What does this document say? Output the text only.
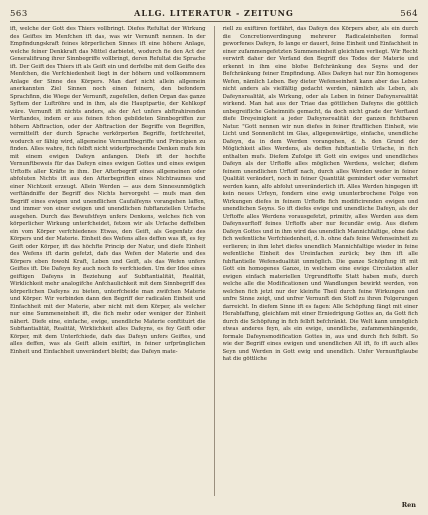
563	ALLG. LITERATUR - ZEITUNG	564
ift, welche der Gott des Thiers vollbringt. Diefes Refultat der Wirkung des Geiftes im Menfchen ift das, was wir Vernunft nennen. In der Empfindungskraft feines körperlichen Sinnes ift eine höhere Anlage, welche feiner Denkkraft das Mittel darbietet, wodurch fie den Act der Generalifirung ihrer Sinnbegriffe vollbringt, deren Refultat die Sprache ift. Der Geift des Thiers ift als Geift ein und derfelbe mit dem Geifte des Menfchen, die Verfchiedenheit liegt in der höhern und vollkommnern Anlage der Sinne des Körpers. Man darf nicht allein allgemein anerkannten Ziel Sinnen noch einen feinern, den befondern Sprachfinn, die Wiege der Vernunft, zugefellen, defien Organ das ganze Syftem der Luftröhre und in ihm, als die Hauptpartie, der Kehlkopf wäre. Vernunft ift nichts anders, als der Act unfers abftrahirenden Verftandes, indem er aus feinen fchon gebildeten Sinnbegriffen zur höhern Abftraction, oder der Abftraction der Begriffe von Begriffen, vermittelft der durch Sprache verkörperten Begriffe, fortfchreitet, wodurch er fähig wird, allgemeine Vernunftbegriffe und Principien zu finden. Alles wahre, fich felbft nicht widerfprechende Denken mufs fein mit einem ewigen Dafeyn anfangen. Diefs ift der hochfte Vernunftbeweis für das Dafeyn eines ewigen Gottes und eines ewigen Urftoffs aller Kräfte in ihm. Der Afterbegriff eines allgemeinen oder abfoluten Nichts ift aus den Afterbegriffen eines Nichtraumes und einer Nichtzeit erzeugt. Allein Werden — aus dem Sinnesunmöglich verftändniffe der Begriff des Nichts hervorgeht — mufs man den Begriff eines ewigen und unendlichen Caufalfeyns vorangehen laffen, und immer von einer ewigen und unendlichen fubftanziellen Urfache ausgehen. Durch das Bewufstfeyn unfers Denkens, welches fich von körperlicher Wirkung unterfcheidet, fetzen wir als Urfache deffelben ein vom Körper verfchiedenes Etwas, den Geift, als Gegenfatz des Körpers und der Materie. Einheit des Wefens alles deffen was ift, es fey Geift oder Körper, ift das höchfte Princip der Natur, und diefe Einheit des Wefens ift darin gefetzt, dafs das Wefen der Materie und des Körpers eben fowohl Kraft, Leben und Geift, als das Wefen unfers Geiftes ift. Die Dafeyn fey auch noch fo verfchieden. Um der Idee eines geiftigen Dafeyns in Beziehung auf Subftantialität, Realität, Wirklichkeit mehr analogifche Anfchaulichkeit mit dem Sinnbegriff des körperlichen Dafeyns zu bieten, unterfcheide man zwifchen Materie und Körper. Wir verbinden dann den Begriff der radicalen Einheit und Einfachheit mit der Materie, aber nicht mit dem Körper, als welcher nur eine Summeneinheit ift, die fich mehr oder weniger der Einheit nähert. Diefe eine, einfache, ewige, unendliche Materie conftituirt die Subftantialität, Realität, Wirklichkeit alles Dafeyns, es fey Geift oder Körper, mit dem Unterfchiede, dafs das Dafeyn unfers Geiftes, und alles deffen, was als Geift allein exiftirt, in feiner urfprünglichen Einheit und Einfachheit unverändert bleibt; das Dafeyn mate-
riell zu exiftiren fortfährt, das Dafeyn des Körpers aber, als ein durch die Concretionverdingung mehrerer Radicaleinheiten formal geworfenes Dafeyn, fo lange er dauert, feine Einheit und Einfachheit in einer zufammengefetzten Summeneinheit gleichfam verliegt. Wir Recht verwirft daher der Verfand den Begriff des Todes der Materie und erkennt in ihm eine blofse Befchränkung des Seyns und der Befchränkung feiner Empfindung. Alles Dafeyn hat nur Ein homogenes Wefen, nämlich Leben. Bey dieter Wefenseinheit kann aber das Leben nicht anders als vielfältig gedacht werden, nämlich als Leben, als Dafeynsrealität, als Wirkung, oder als Leben in feiner Dafeynsrealität wirkend. Man hat aus der Triae das göttlichen Dafeyns die göttlich unbegreifliche Geheimnifs gemacht, da doch nicht grade der Verftand diefe Dreyeinigkeit a jeder Dafeynsrealität der ganzen fichtbaren Natur. "Gott nennen wir nun diefes in feiner ftrafflichen Einheit, wie Licht und Sonnenlicht im Glas, allgegenwärtige, einfache, unendliche Dafeyn, da in dem Werden vorangehen, d. h. den Grund der Möglichkeit alles Werdens, als deffen fubftantielle Urfache, in fich enthalten mufs. Diefem Zufolge ift Gott ein ewiges und unendliches Dafeyn als der Urftoffe alles möglichen Werdens, welcher, diefem feinem unendlichen Urftoff nach, durch alles Werden weder in feiner Qualität verändert, noch in feiner Quantität gemindert oder vermehrt werden kann, alfo abfolut unveränderlich ift. Alles Werden hingegen ift kein neues Urfeyn, fondern eine ewig ununterbrochene Folge von Wirkungen diefes in feinem Urftoffe fich modificirenden ewigen und unendlichen Seyns. So ift diefes ewige und unendliche Dafeyn, als der Urftoffe alles Werdens vorausgefetzt, primitiv, alles Werden aus dem Dafeynsurftoff feines Urftoffs aber nur fecundär ewig. Aus diefem Dafeyn Gottes und in ihm wird das unendlich Mannichfaltige, ohne dafs fich wefentliche Verfchiedenheit, d. h. ohne dafs feine Wefenseinheit zu verlieren; in ihm lehrt diefes unendlich Mannichfaltige wieder in feine wefentliche Einheit des Ureinfachen zurück; bey ihm ift alle fubftantielle Wefensdualität unmöglich. Die ganze Schöpfung ift mit Gott ein homogenes Ganze, in welchem eine ewige Circulation aller ewigen einfach materiellen Urgrundftoffe Statt haben mufs, durch welche alle die Modificationen und Wandlungen bewirkt werden, von welchen fich jetzt nur der kleinfte Theil durch feine Wirkungen und unfre Sinne zeigt, und unfrer Vernunft den Stoff zu ihren Folgerungen darreicht. In diefem Sinne ift es fagen: Alle Schöpfung fängt mit einer Herabfaffung, gleichfam mit einer Erniedrigung Gottes an, da Gott fich durch die Schöpfung in fich felbft befchränkt. Die Welt kann unmöglich etwas anderes feyn, als ein ewige, unendliche, zufammenhängende, formale Dafeynsmodification Gottes in, aus und durch fich felbft. So wie der Begriff eines ewigen und unendlichen All ift, fo ift auch alles Seyn und Werden in Gott ewig und unendlich. Unfer Vernunftglaube hat die göttliche
Ren
